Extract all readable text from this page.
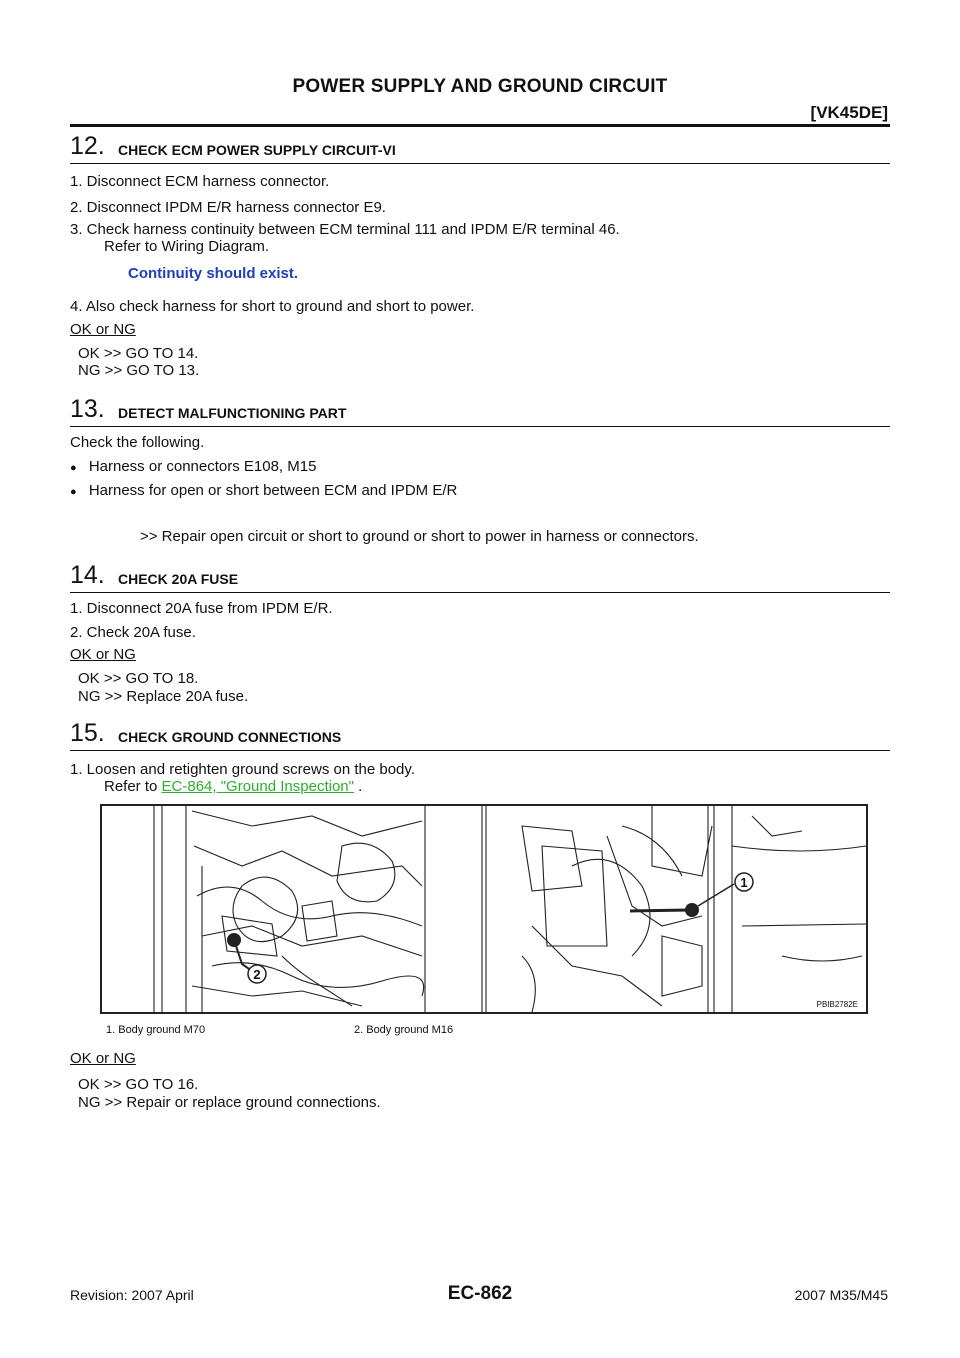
POWER SUPPLY AND GROUND CIRCUIT
[VK45DE]
12. CHECK ECM POWER SUPPLY CIRCUIT-VI
1. Disconnect ECM harness connector.
2. Disconnect IPDM E/R harness connector E9.
3. Check harness continuity between ECM terminal 111 and IPDM E/R terminal 46.
Refer to Wiring Diagram.
Continuity should exist.
4. Also check harness for short to ground and short to power.
OK or NG
OK >> GO TO 14.
NG >> GO TO 13.
13. DETECT MALFUNCTIONING PART
Check the following.
● Harness or connectors E108, M15
● Harness for open or short between ECM and IPDM E/R
>> Repair open circuit or short to ground or short to power in harness or connectors.
14. CHECK 20A FUSE
1. Disconnect 20A fuse from IPDM E/R.
2. Check 20A fuse.
OK or NG
OK >> GO TO 18.
NG >> Replace 20A fuse.
15. CHECK GROUND CONNECTIONS
1. Loosen and retighten ground screws on the body.
Refer to EC-864, "Ground Inspection" .
2
1
PBIB2782E
1. Body ground M70	2. Body ground M16
OK or NG
OK >> GO TO 16.
NG >> Repair or replace ground connections.
EC-862
Revision: 2007 April	2007 M35/M45
